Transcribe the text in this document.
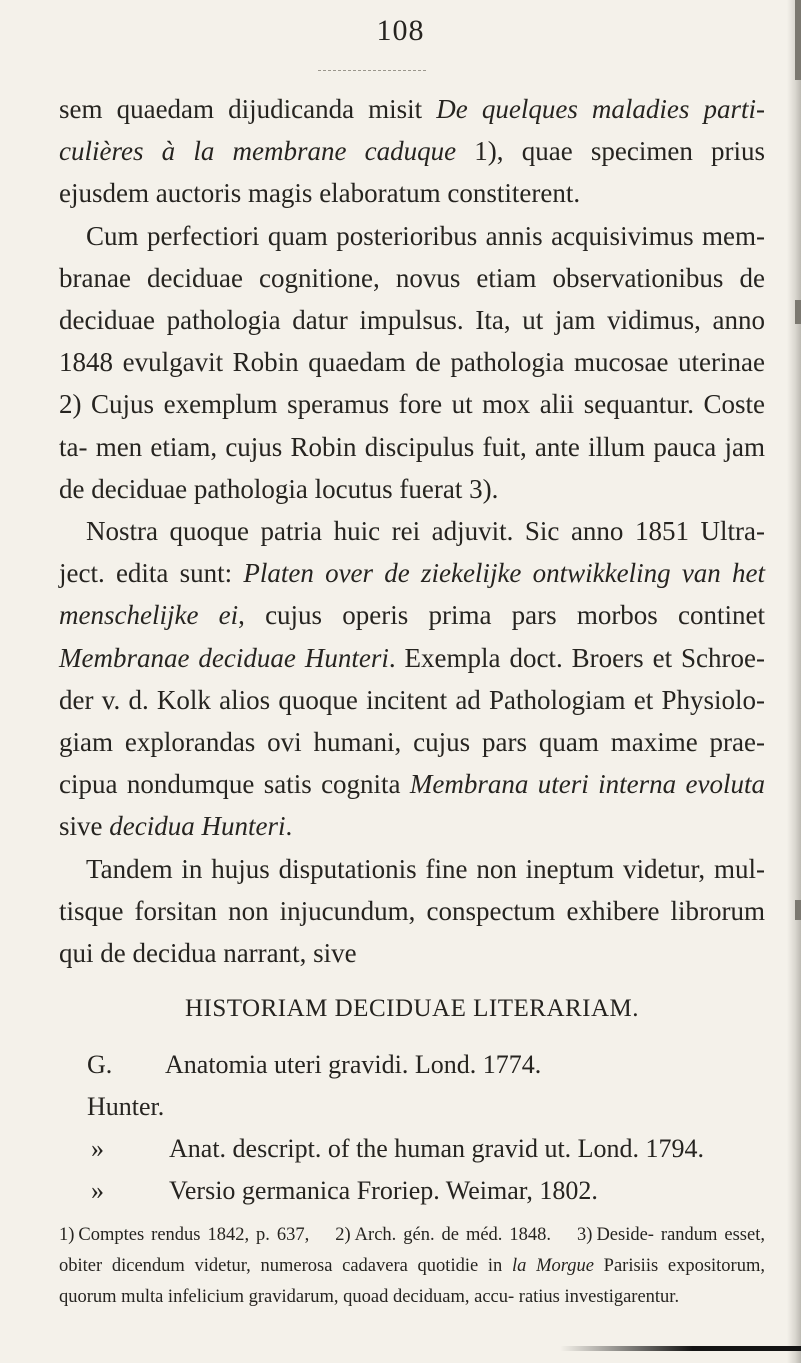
108

sem quaedam dijudicanda misit De quelques maladies parti- culières à la membrane caduque 1), quae specimen prius ejusdem auctoris magis elaboratum constiterent.

Cum perfectiori quam posterioribus annis acquisivimus mem- branae deciduae cognitione, novus etiam observationibus de deciduae pathologia datur impulsus. Ita, ut jam vidimus, anno 1848 evulgavit Robin quaedam de pathologia mucosae uterinae 2) Cujus exemplum speramus fore ut mox alii sequantur. Coste ta- men etiam, cujus Robin discipulus fuit, ante illum pauca jam de deciduae pathologia locutus fuerat 3).

Nostra quoque patria huic rei adjuvit. Sic anno 1851 Ultra- ject. edita sunt: Platen over de ziekelijke ontwikkeling van het menschelijke ei, cujus operis prima pars morbos continet Membranae deciduae Hunteri. Exempla doct. Broers et Schroe- der v. d. Kolk alios quoque incitent ad Pathologiam et Physiolo- giam explorandas ovi humani, cujus pars quam maxime prae- cipua nondumque satis cognita Membrana uteri interna evoluta sive decidua Hunteri.

Tandem in hujus disputationis fine non ineptum videtur, mul- tisque forsitan non injucundum, conspectum exhibere librorum qui de decidua narrant, sive

HISTORIAM DECIDUAE LITERARIAM.
G. Hunter.
Anatomia uteri gravidi. Lond. 1774.
»	Anat. descript. of the human gravid ut. Lond. 1794.
»	Versio germanica Froriep. Weimar, 1802.
1) Comptes rendus 1842, p. 637, 2) Arch. gén. de méd. 1848. 3) Deside- randum esset, obiter dicendum videtur, numerosa cadavera quotidie in la Morgue Parisiis expositorum, quorum multa infelicium gravidarum, quoad deciduam, accu- ratius investigarentur.
